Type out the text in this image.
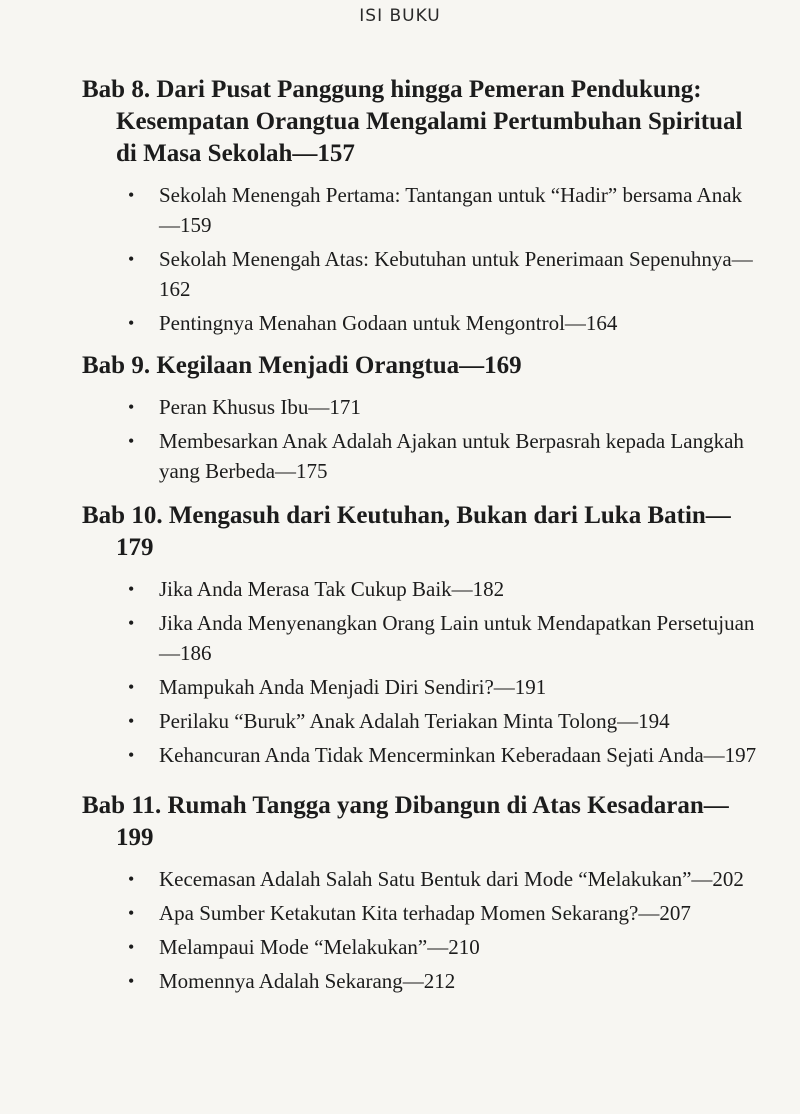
ISI BUKU
Bab 8. Dari Pusat Panggung hingga Pemeran Pendukung: Kesempatan Orangtua Mengalami Pertumbuhan Spiritual di Masa Sekolah—157
• Sekolah Menengah Pertama: Tantangan untuk “Hadir” bersama Anak—159
• Sekolah Menengah Atas: Kebutuhan untuk Penerimaan Sepenuhnya—162
• Pentingnya Menahan Godaan untuk Mengontrol—164
Bab 9. Kegilaan Menjadi Orangtua—169
• Peran Khusus Ibu—171
• Membesarkan Anak Adalah Ajakan untuk Berpasrah kepada Langkah yang Berbeda—175
Bab 10. Mengasuh dari Keutuhan, Bukan dari Luka Batin—179
• Jika Anda Merasa Tak Cukup Baik—182
• Jika Anda Menyenangkan Orang Lain untuk Mendapatkan Persetujuan—186
• Mampukah Anda Menjadi Diri Sendiri?—191
• Perilaku “Buruk” Anak Adalah Teriakan Minta Tolong—194
• Kehancuran Anda Tidak Mencerminkan Keberadaan Sejati Anda—197
Bab 11. Rumah Tangga yang Dibangun di Atas Kesadaran—199
• Kecemasan Adalah Salah Satu Bentuk dari Mode “Melakukan”—202
• Apa Sumber Ketakutan Kita terhadap Momen Sekarang?—207
• Melampaui Mode “Melakukan”—210
• Momennya Adalah Sekarang—212
